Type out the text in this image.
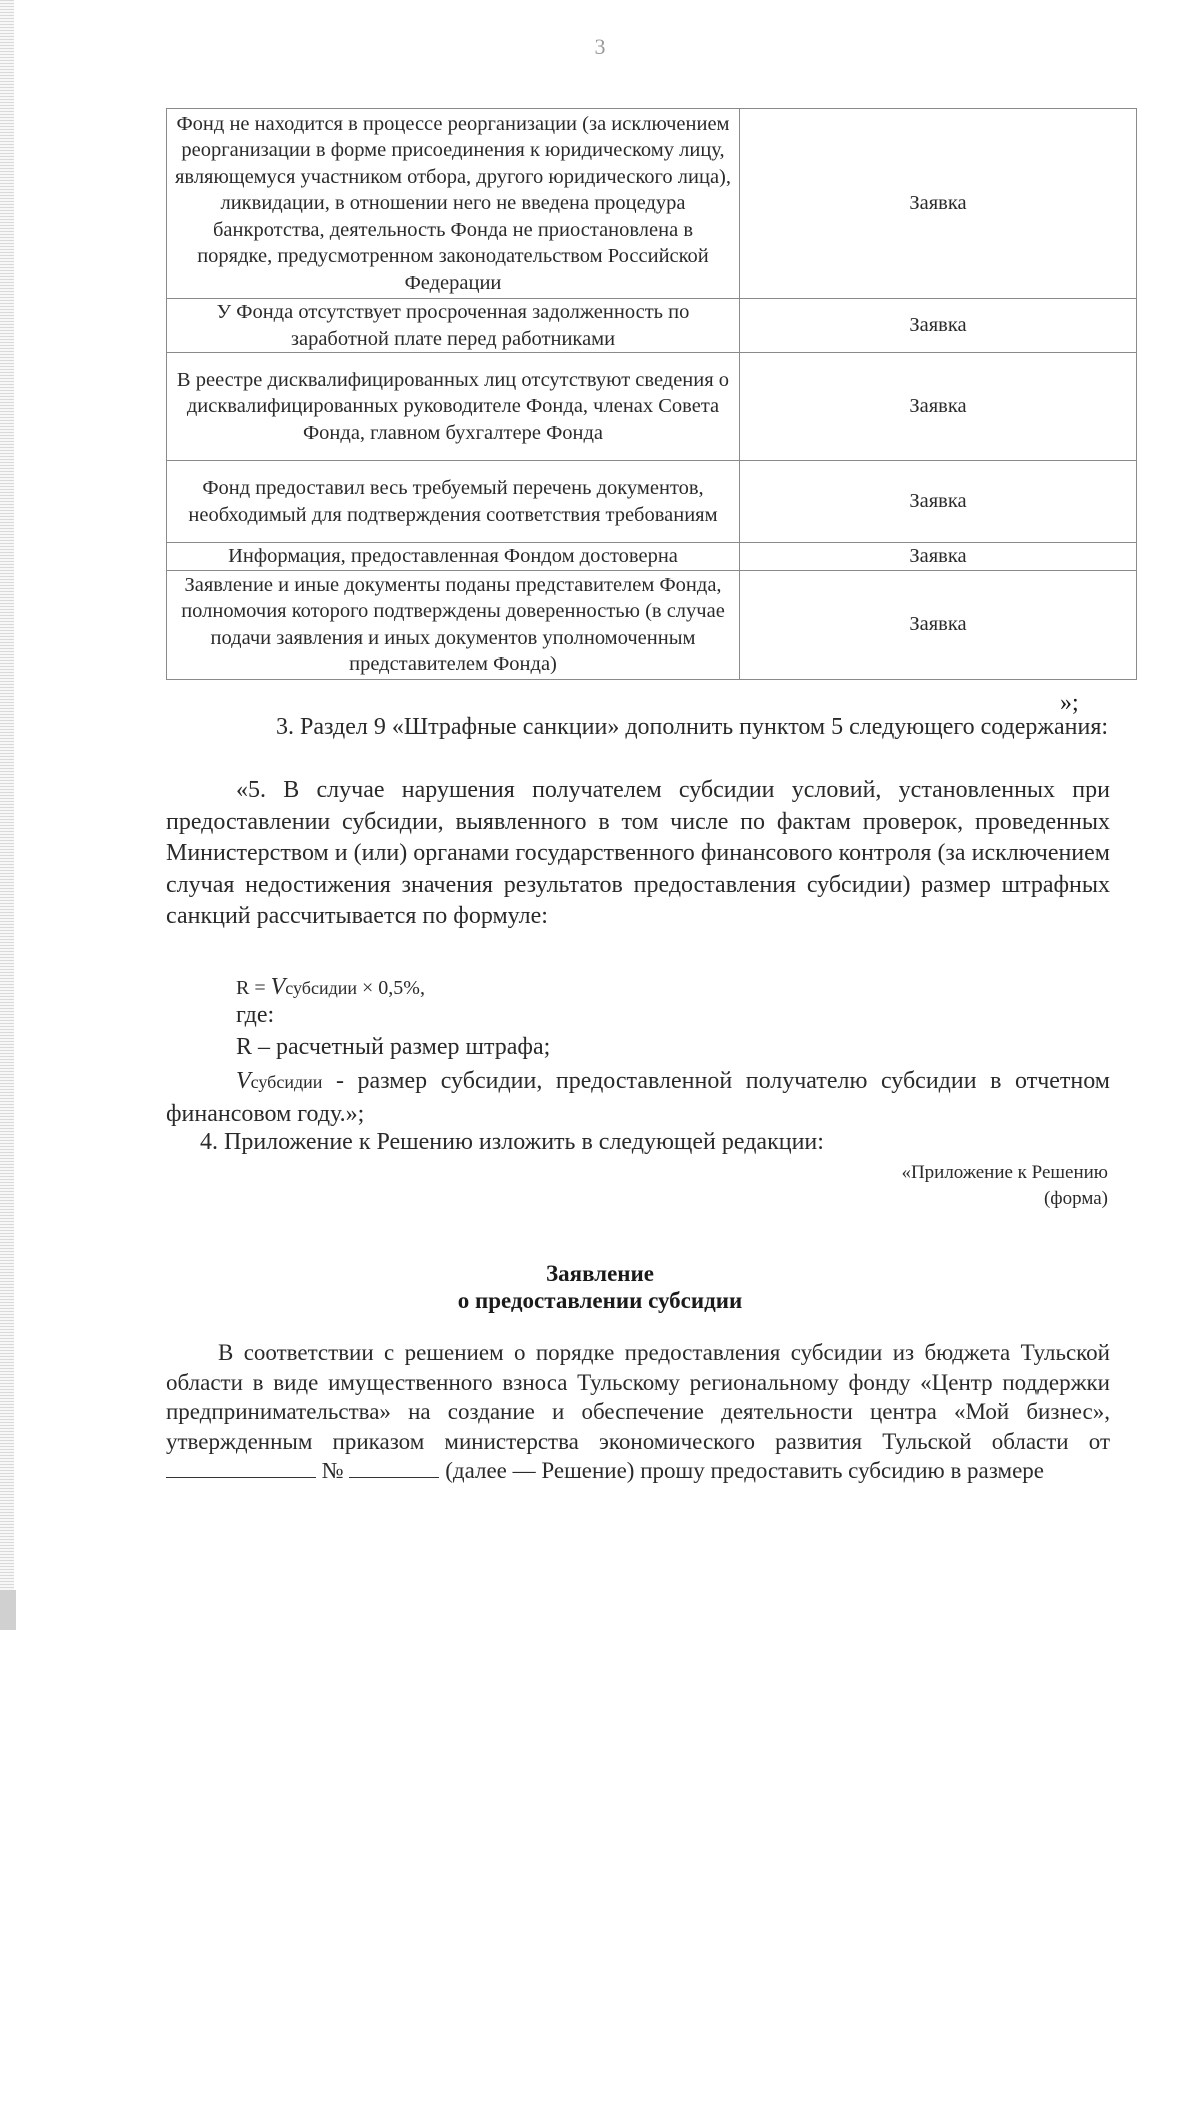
3
Фонд не находится в процессе реорганизации (за исключением реорганизации в форме присоединения к юридическому лицу, являющемуся участником отбора, другого юридического лица), ликвидации, в отношении него не введена процедура банкротства, деятельность Фонда не приостановлена в порядке, предусмотренном законодательством Российской Федерации	Заявка
У Фонда отсутствует просроченная задолженность по заработной плате перед работниками	Заявка
В реестре дисквалифицированных лиц отсутствуют сведения о дисквалифицированных руководителе Фонда, членах Совета Фонда, главном бухгалтере Фонда	Заявка
Фонд предоставил весь требуемый перечень документов, необходимый для подтверждения соответствия требованиям	Заявка
Информация, предоставленная Фондом достоверна	Заявка
Заявление и иные документы поданы представителем Фонда, полномочия которого подтверждены доверенностью (в случае подачи заявления и иных документов уполномоченным представителем Фонда)	Заявка
»;
3. Раздел 9 «Штрафные санкции» дополнить пунктом 5 следующего содержания:
«5. В случае нарушения получателем субсидии условий, установленных при предоставлении субсидии, выявленного в том числе по фактам проверок, проведенных Министерством и (или) органами государственного финансового контроля (за исключением случая недостижения значения результатов предоставления субсидии) размер штрафных санкций рассчитывается по формуле:
R = Vсубсидии × 0,5%,
где:
R – расчетный размер штрафа;
Vсубсидии - размер субсидии, предоставленной получателю субсидии в отчетном финансовом году.»;
4. Приложение к Решению изложить в следующей редакции:
«Приложение к Решению
(форма)
Заявление
о предоставлении субсидии
В соответствии с решением о порядке предоставления субсидии из бюджета Тульской области в виде имущественного взноса Тульскому региональному фонду «Центр поддержки предпринимательства» на создание и обеспечение деятельности центра «Мой бизнес», утвержденным приказом министерства экономического развития Тульской области от  №	(далее — Решение) прошу предоставить субсидию в размере
